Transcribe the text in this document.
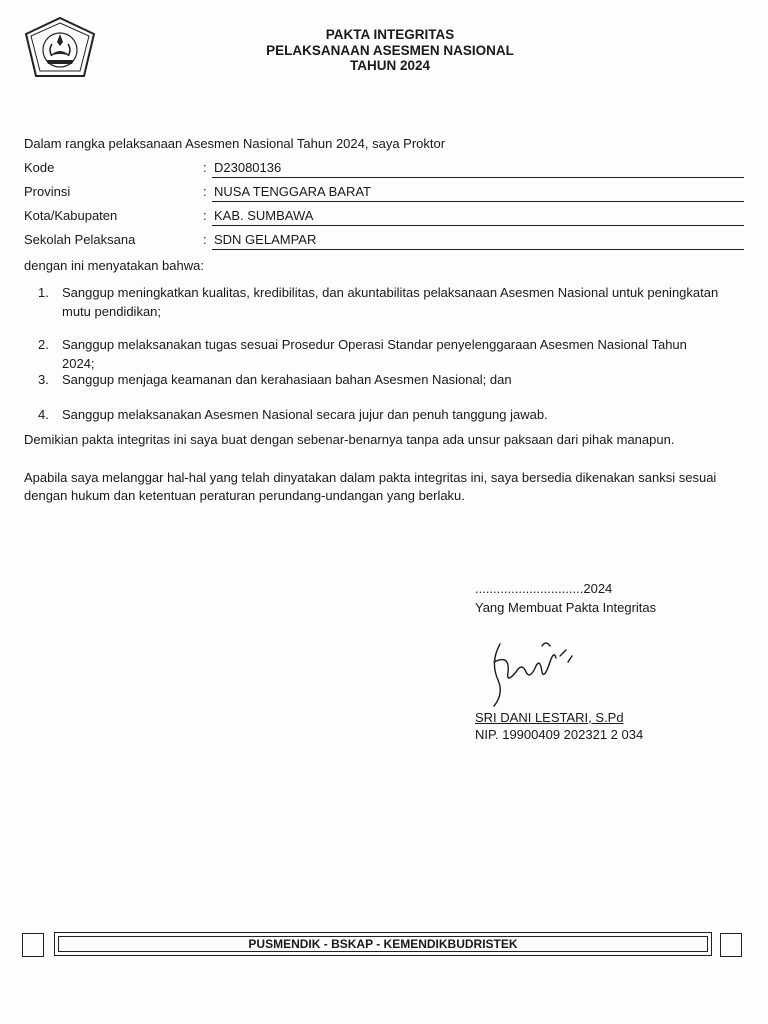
PAKTA INTEGRITAS
PELAKSANAAN ASESMEN NASIONAL
TAHUN 2024
Dalam rangka pelaksanaan Asesmen Nasional Tahun 2024, saya Proktor
Kode	: D23080136
Provinsi	: NUSA TENGGARA BARAT
Kota/Kabupaten	: KAB. SUMBAWA
Sekolah Pelaksana	: SDN GELAMPAR
dengan ini menyatakan bahwa:
1. Sanggup meningkatkan kualitas, kredibilitas, dan akuntabilitas pelaksanaan Asesmen Nasional untuk peningkatan mutu pendidikan;
2. Sanggup melaksanakan tugas sesuai Prosedur Operasi Standar penyelenggaraan Asesmen Nasional Tahun 2024;
3. Sanggup menjaga keamanan dan kerahasiaan bahan Asesmen Nasional; dan
4. Sanggup melaksanakan Asesmen Nasional secara jujur dan penuh tanggung jawab.
Demikian pakta integritas ini saya buat dengan sebenar-benarnya tanpa ada unsur paksaan dari pihak manapun.
Apabila saya melanggar hal-hal yang telah dinyatakan dalam pakta integritas ini, saya bersedia dikenakan sanksi sesuai dengan hukum dan ketentuan peraturan perundang-undangan yang berlaku.
..............................2024
Yang Membuat Pakta Integritas
SRI DANI LESTARI, S.Pd
NIP. 19900409 202321 2 034
PUSMENDIK - BSKAP - KEMENDIKBUDRISTEK
